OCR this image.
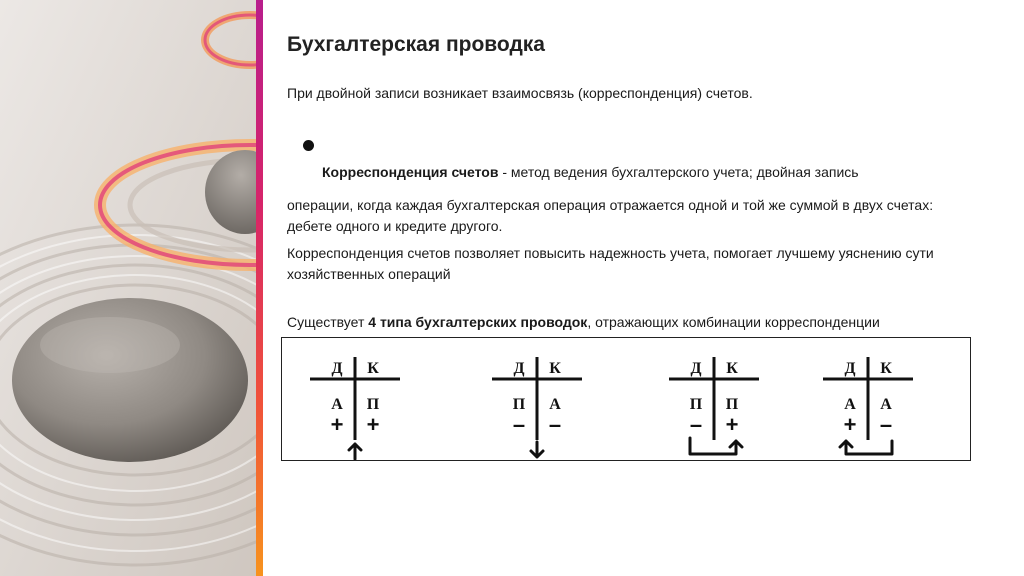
Бухгалтерская проводка

При двойной записи возникает взаимосвязь (корреспонденция) счетов.

Корреспонденция счетов - метод ведения бухгалтерского учета; двойная запись

операции, когда каждая бухгалтерская операция отражается одной и той же суммой в двух счетах: дебете одного и кредите другого.

Корреспонденция счетов позволяет повысить надежность учета, помогает лучшему уяснению сути хозяйственных операций

Существует 4 типа бухгалтерских проводок, отражающих комбинации корреспонденции

Д К
А П
+ +
Д К
П А
– –
Д К
П П
– +
Д К
А А
+ –
